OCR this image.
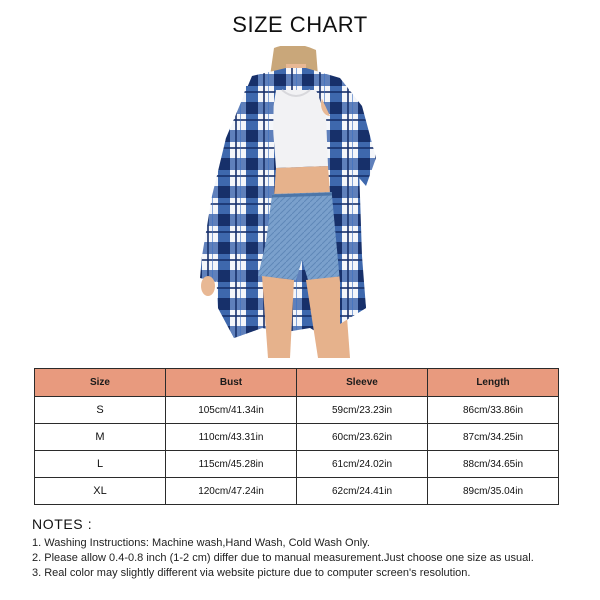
SIZE CHART
Size	Bust	Sleeve	Length
S	105cm/41.34in	59cm/23.23in	86cm/33.86in
M	110cm/43.31in	60cm/23.62in	87cm/34.25in
L	115cm/45.28in	61cm/24.02in	88cm/34.65in
XL	120cm/47.24in	62cm/24.41in	89cm/35.04in
NOTES :
1. Washing Instructions: Machine wash,Hand Wash, Cold Wash Only.
2. Please allow 0.4-0.8 inch (1-2 cm) differ due to manual measurement.Just choose one size as usual.
3. Real color may slightly different via website picture due to computer screen's resolution.
